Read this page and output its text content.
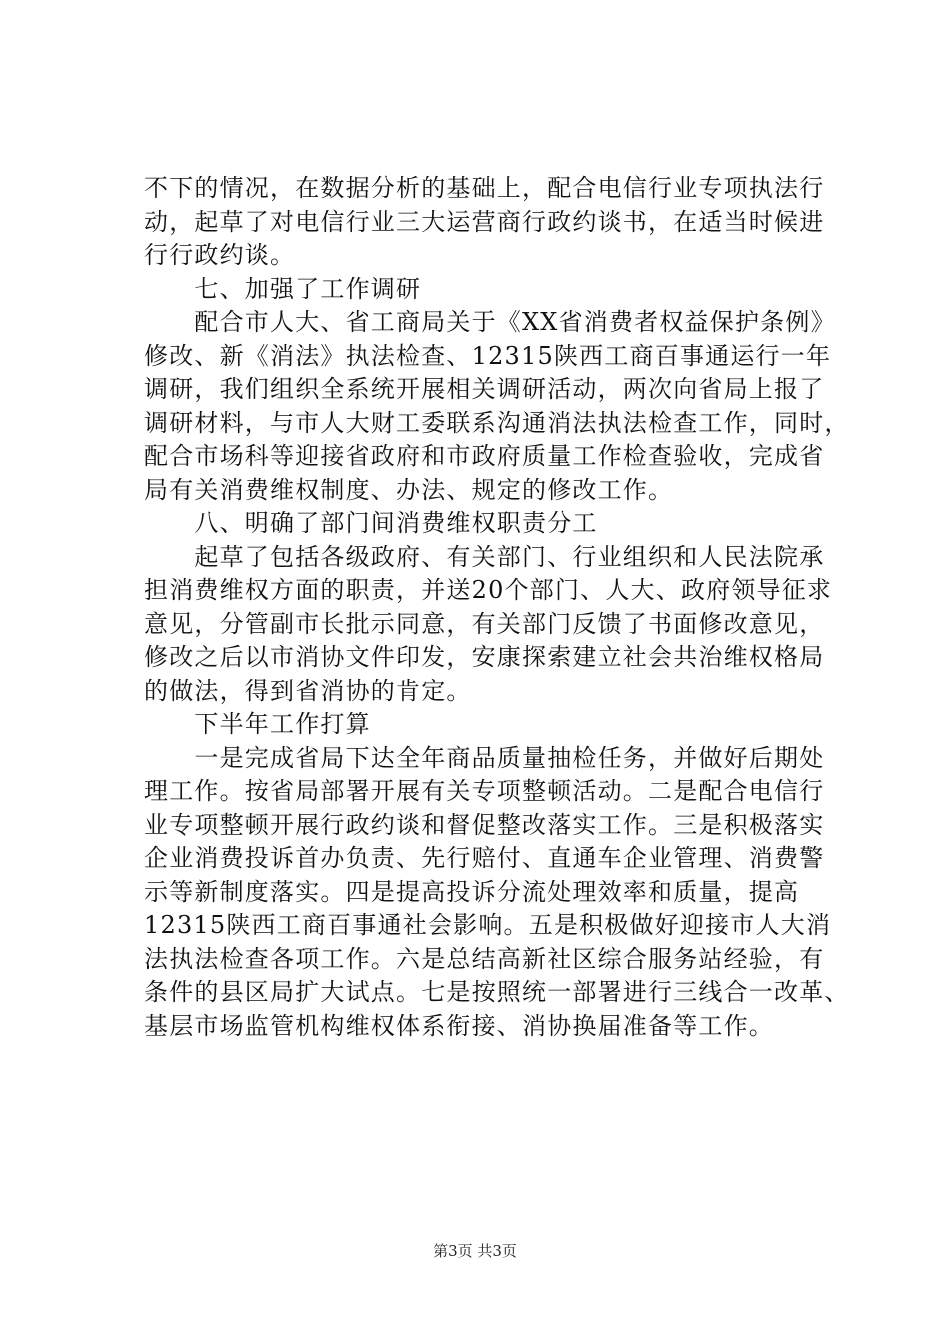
不下的情况，在数据分析的基础上，配合电信行业专项执法行
动，起草了对电信行业三大运营商行政约谈书，在适当时候进
行行政约谈。
　　七、加强了工作调研
　　配合市人大、省工商局关于《XX省消费者权益保护条例》
修改、新《消法》执法检查、12315陕西工商百事通运行一年
调研，我们组织全系统开展相关调研活动，两次向省局上报了
调研材料，与市人大财工委联系沟通消法执法检查工作，同时，
配合市场科等迎接省政府和市政府质量工作检查验收，完成省
局有关消费维权制度、办法、规定的修改工作。
　　八、明确了部门间消费维权职责分工
　　起草了包括各级政府、有关部门、行业组织和人民法院承
担消费维权方面的职责，并送20个部门、人大、政府领导征求
意见，分管副市长批示同意，有关部门反馈了书面修改意见，
修改之后以市消协文件印发，安康探索建立社会共治维权格局
的做法，得到省消协的肯定。
　　下半年工作打算
　　一是完成省局下达全年商品质量抽检任务，并做好后期处
理工作。按省局部署开展有关专项整顿活动。二是配合电信行
业专项整顿开展行政约谈和督促整改落实工作。三是积极落实
企业消费投诉首办负责、先行赔付、直通车企业管理、消费警
示等新制度落实。四是提高投诉分流处理效率和质量，提高
12315陕西工商百事通社会影响。五是积极做好迎接市人大消
法执法检查各项工作。六是总结高新社区综合服务站经验，有
条件的县区局扩大试点。七是按照统一部署进行三线合一改革、
基层市场监管机构维权体系衔接、消协换届准备等工作。
第3页 共3页
